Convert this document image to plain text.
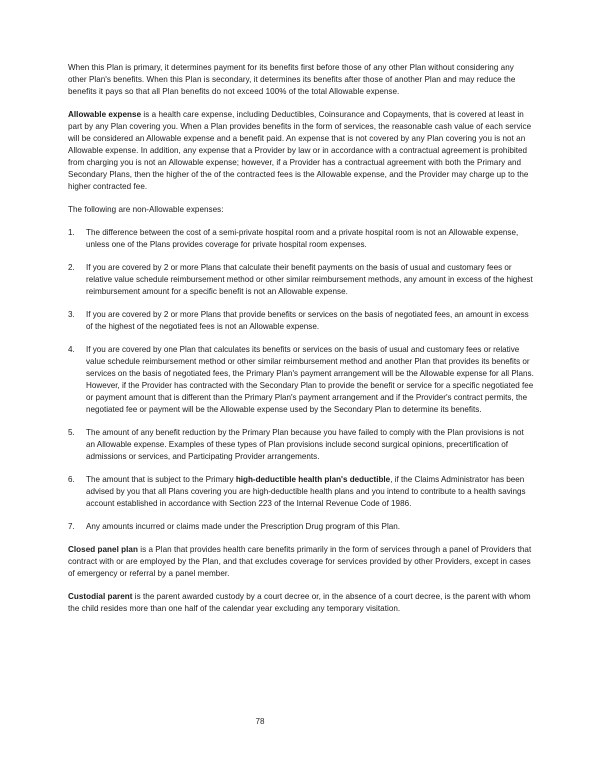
When this Plan is primary, it determines payment for its benefits first before those of any other Plan without considering any other Plan's benefits. When this Plan is secondary, it determines its benefits after those of another Plan and may reduce the benefits it pays so that all Plan benefits do not exceed 100% of the total Allowable expense.

Allowable expense is a health care expense, including Deductibles, Coinsurance and Copayments, that is covered at least in part by any Plan covering you. When a Plan provides benefits in the form of services, the reasonable cash value of each service will be considered an Allowable expense and a benefit paid. An expense that is not covered by any Plan covering you is not an Allowable expense. In addition, any expense that a Provider by law or in accordance with a contractual agreement is prohibited from charging you is not an Allowable expense; however, if a Provider has a contractual agreement with both the Primary and Secondary Plans, then the higher of the of the contracted fees is the Allowable expense, and the Provider may charge up to the higher contracted fee.

The following are non-Allowable expenses:

1.	The difference between the cost of a semi-private hospital room and a private hospital room is not an Allowable expense, unless one of the Plans provides coverage for private hospital room expenses.
2.	If you are covered by 2 or more Plans that calculate their benefit payments on the basis of usual and customary fees or relative value schedule reimbursement method or other similar reimbursement methods, any amount in excess of the highest reimbursement amount for a specific benefit is not an Allowable expense.
3.	If you are covered by 2 or more Plans that provide benefits or services on the basis of negotiated fees, an amount in excess of the highest of the negotiated fees is not an Allowable expense.
4.	If you are covered by one Plan that calculates its benefits or services on the basis of usual and customary fees or relative value schedule reimbursement method or other similar reimbursement method and another Plan that provides its benefits or services on the basis of negotiated fees, the Primary Plan's payment arrangement will be the Allowable expense for all Plans. However, if the Provider has contracted with the Secondary Plan to provide the benefit or service for a specific negotiated fee or payment amount that is different than the Primary Plan's payment arrangement and if the Provider's contract permits, the negotiated fee or payment will be the Allowable expense used by the Secondary Plan to determine its benefits.
5.	The amount of any benefit reduction by the Primary Plan because you have failed to comply with the Plan provisions is not an Allowable expense. Examples of these types of Plan provisions include second surgical opinions, precertification of admissions or services, and Participating Provider arrangements.
6.	The amount that is subject to the Primary high-deductible health plan's deductible, if the Claims Administrator has been advised by you that all Plans covering you are high-deductible health plans and you intend to contribute to a health savings account established in accordance with Section 223 of the Internal Revenue Code of 1986.
7.	Any amounts incurred or claims made under the Prescription Drug program of this Plan.

Closed panel plan is a Plan that provides health care benefits primarily in the form of services through a panel of Providers that contract with or are employed by the Plan, and that excludes coverage for services provided by other Providers, except in cases of emergency or referral by a panel member.

Custodial parent is the parent awarded custody by a court decree or, in the absence of a court decree, is the parent with whom the child resides more than one half of the calendar year excluding any temporary visitation.

78
